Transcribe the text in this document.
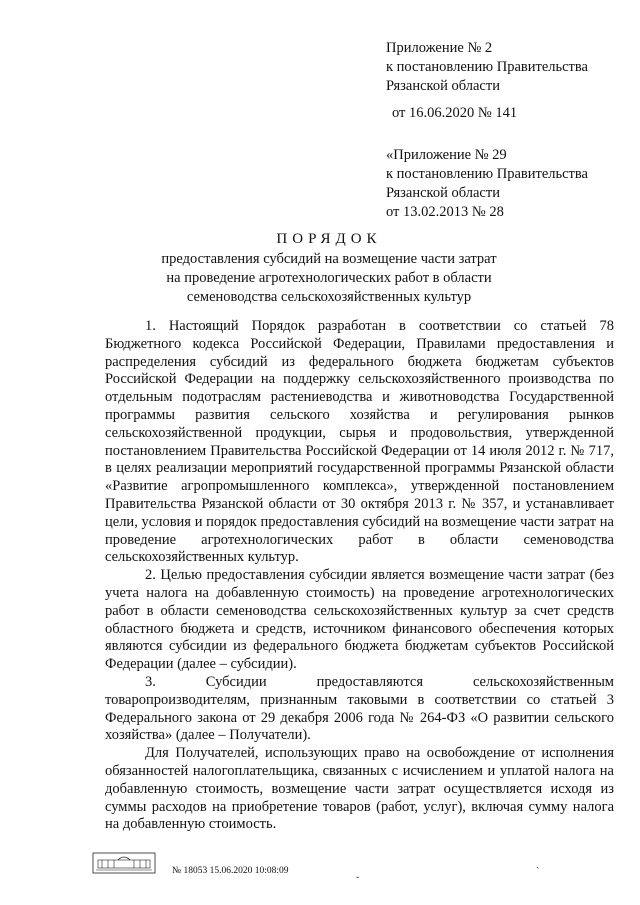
Приложение № 2
к постановлению Правительства
Рязанской области
от 16.06.2020 № 141
«Приложение № 29
к постановлению Правительства
Рязанской области
от 13.02.2013 № 28
ПОРЯДОК
предоставления субсидий на возмещение части затрат
на проведение агротехнологических работ в области
семеноводства сельскохозяйственных культур

1. Настоящий Порядок разработан в соответствии со статьей 78 Бюджетного кодекса Российской Федерации, Правилами предоставления и распределения субсидий из федерального бюджета бюджетам субъектов Российской Федерации на поддержку сельскохозяйственного производства по отдельным подотраслям растениеводства и животноводства Государственной программы развития сельского хозяйства и регулирования рынков сельскохозяйственной продукции, сырья и продовольствия, утвержденной постановлением Правительства Российской Федерации от 14 июля 2012 г. № 717, в целях реализации мероприятий государственной программы Рязанской области «Развитие агропромышленного комплекса», утвержденной постановлением Правительства Рязанской области от 30 октября 2013 г. № 357, и устанавливает цели, условия и порядок предоставления субсидий на возмещение части затрат на проведение агротехнологических работ в области семеноводства сельскохозяйственных культур.

2. Целью предоставления субсидии является возмещение части затрат (без учета налога на добавленную стоимость) на проведение агротехнологических работ в области семеноводства сельскохозяйственных культур за счет средств областного бюджета и средств, источником финансового обеспечения которых являются субсидии из федерального бюджета бюджетам субъектов Российской Федерации (далее – субсидии).

3. Субсидии предоставляются сельскохозяйственным товаропроизводителям, признанным таковыми в соответствии со статьей 3 Федерального закона от 29 декабря 2006 года № 264-ФЗ «О развитии сельского хозяйства» (далее – Получатели).

Для Получателей, использующих право на освобождение от исполнения обязанностей налогоплательщика, связанных с исчислением и уплатой налога на добавленную стоимость, возмещение части затрат осуществляется исходя из суммы расходов на приобретение товаров (работ, услуг), включая сумму налога на добавленную стоимость.

№ 18053 15.06.2020 10:08:09
ˇ
ˎ
